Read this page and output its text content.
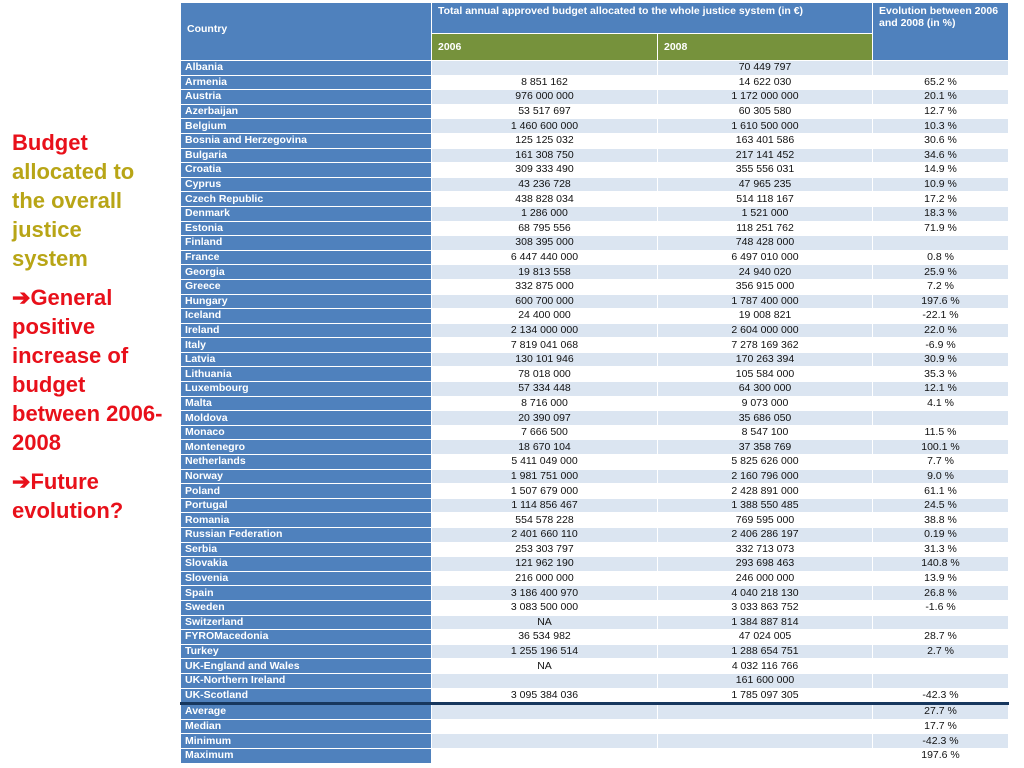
Budget
allocated to
the overall
justice
system
➔General positive increase of budget between 2006-2008
➔Future evolution?
Country	Total annual approved budget allocated to the whole justice system (in €)		Evolution between 2006 and 2008 (in %)
	2006	2008	
Albania		70 449 797	
Armenia	8 851 162	14 622 030	65.2 %
Austria	976 000 000	1 172 000 000	20.1 %
Azerbaijan	53 517 697	60 305 580	12.7 %
Belgium	1 460 600 000	1 610 500 000	10.3 %
Bosnia and Herzegovina	125 125 032	163 401 586	30.6 %
Bulgaria	161 308 750	217 141 452	34.6 %
Croatia	309 333 490	355 556 031	14.9 %
Cyprus	43 236 728	47 965 235	10.9 %
Czech Republic	438 828 034	514 118 167	17.2 %
Denmark	1 286 000	1 521 000	18.3 %
Estonia	68 795 556	118 251 762	71.9 %
Finland	308 395 000	748 428 000	
France	6 447 440 000	6 497 010 000	0.8 %
Georgia	19 813 558	24 940 020	25.9 %
Greece	332 875 000	356 915 000	7.2 %
Hungary	600 700 000	1 787 400 000	197.6 %
Iceland	24 400 000	19 008 821	-22.1 %
Ireland	2 134 000 000	2 604 000 000	22.0 %
Italy	7 819 041 068	7 278 169 362	-6.9 %
Latvia	130 101 946	170 263 394	30.9 %
Lithuania	78 018 000	105 584 000	35.3 %
Luxembourg	57 334 448	64 300 000	12.1 %
Malta	8 716 000	9 073 000	4.1 %
Moldova	20 390 097	35 686 050	
Monaco	7 666 500	8 547 100	11.5 %
Montenegro	18 670 104	37 358 769	100.1 %
Netherlands	5 411 049 000	5 825 626 000	7.7 %
Norway	1 981 751 000	2 160 796 000	9.0 %
Poland	1 507 679 000	2 428 891 000	61.1 %
Portugal	1 114 856 467	1 388 550 485	24.5 %
Romania	554 578 228	769 595 000	38.8 %
Russian Federation	2 401 660 110	2 406 286 197	0.19 %
Serbia	253 303 797	332 713 073	31.3 %
Slovakia	121 962 190	293 698 463	140.8 %
Slovenia	216 000 000	246 000 000	13.9 %
Spain	3 186 400 970	4 040 218 130	26.8 %
Sweden	3 083 500 000	3 033 863 752	-1.6 %
Switzerland	NA	1 384 887 814	
FYROMacedonia	36 534 982	47 024 005	28.7 %
Turkey	1 255 196 514	1 288 654 751	2.7 %
UK-England and Wales	NA	4 032 116 766	
UK-Northern Ireland		161 600 000	
UK-Scotland	3 095 384 036	1 785 097 305	-42.3 %
Average			27.7 %
Median			17.7 %
Minimum			-42.3 %
Maximum			197.6 %
